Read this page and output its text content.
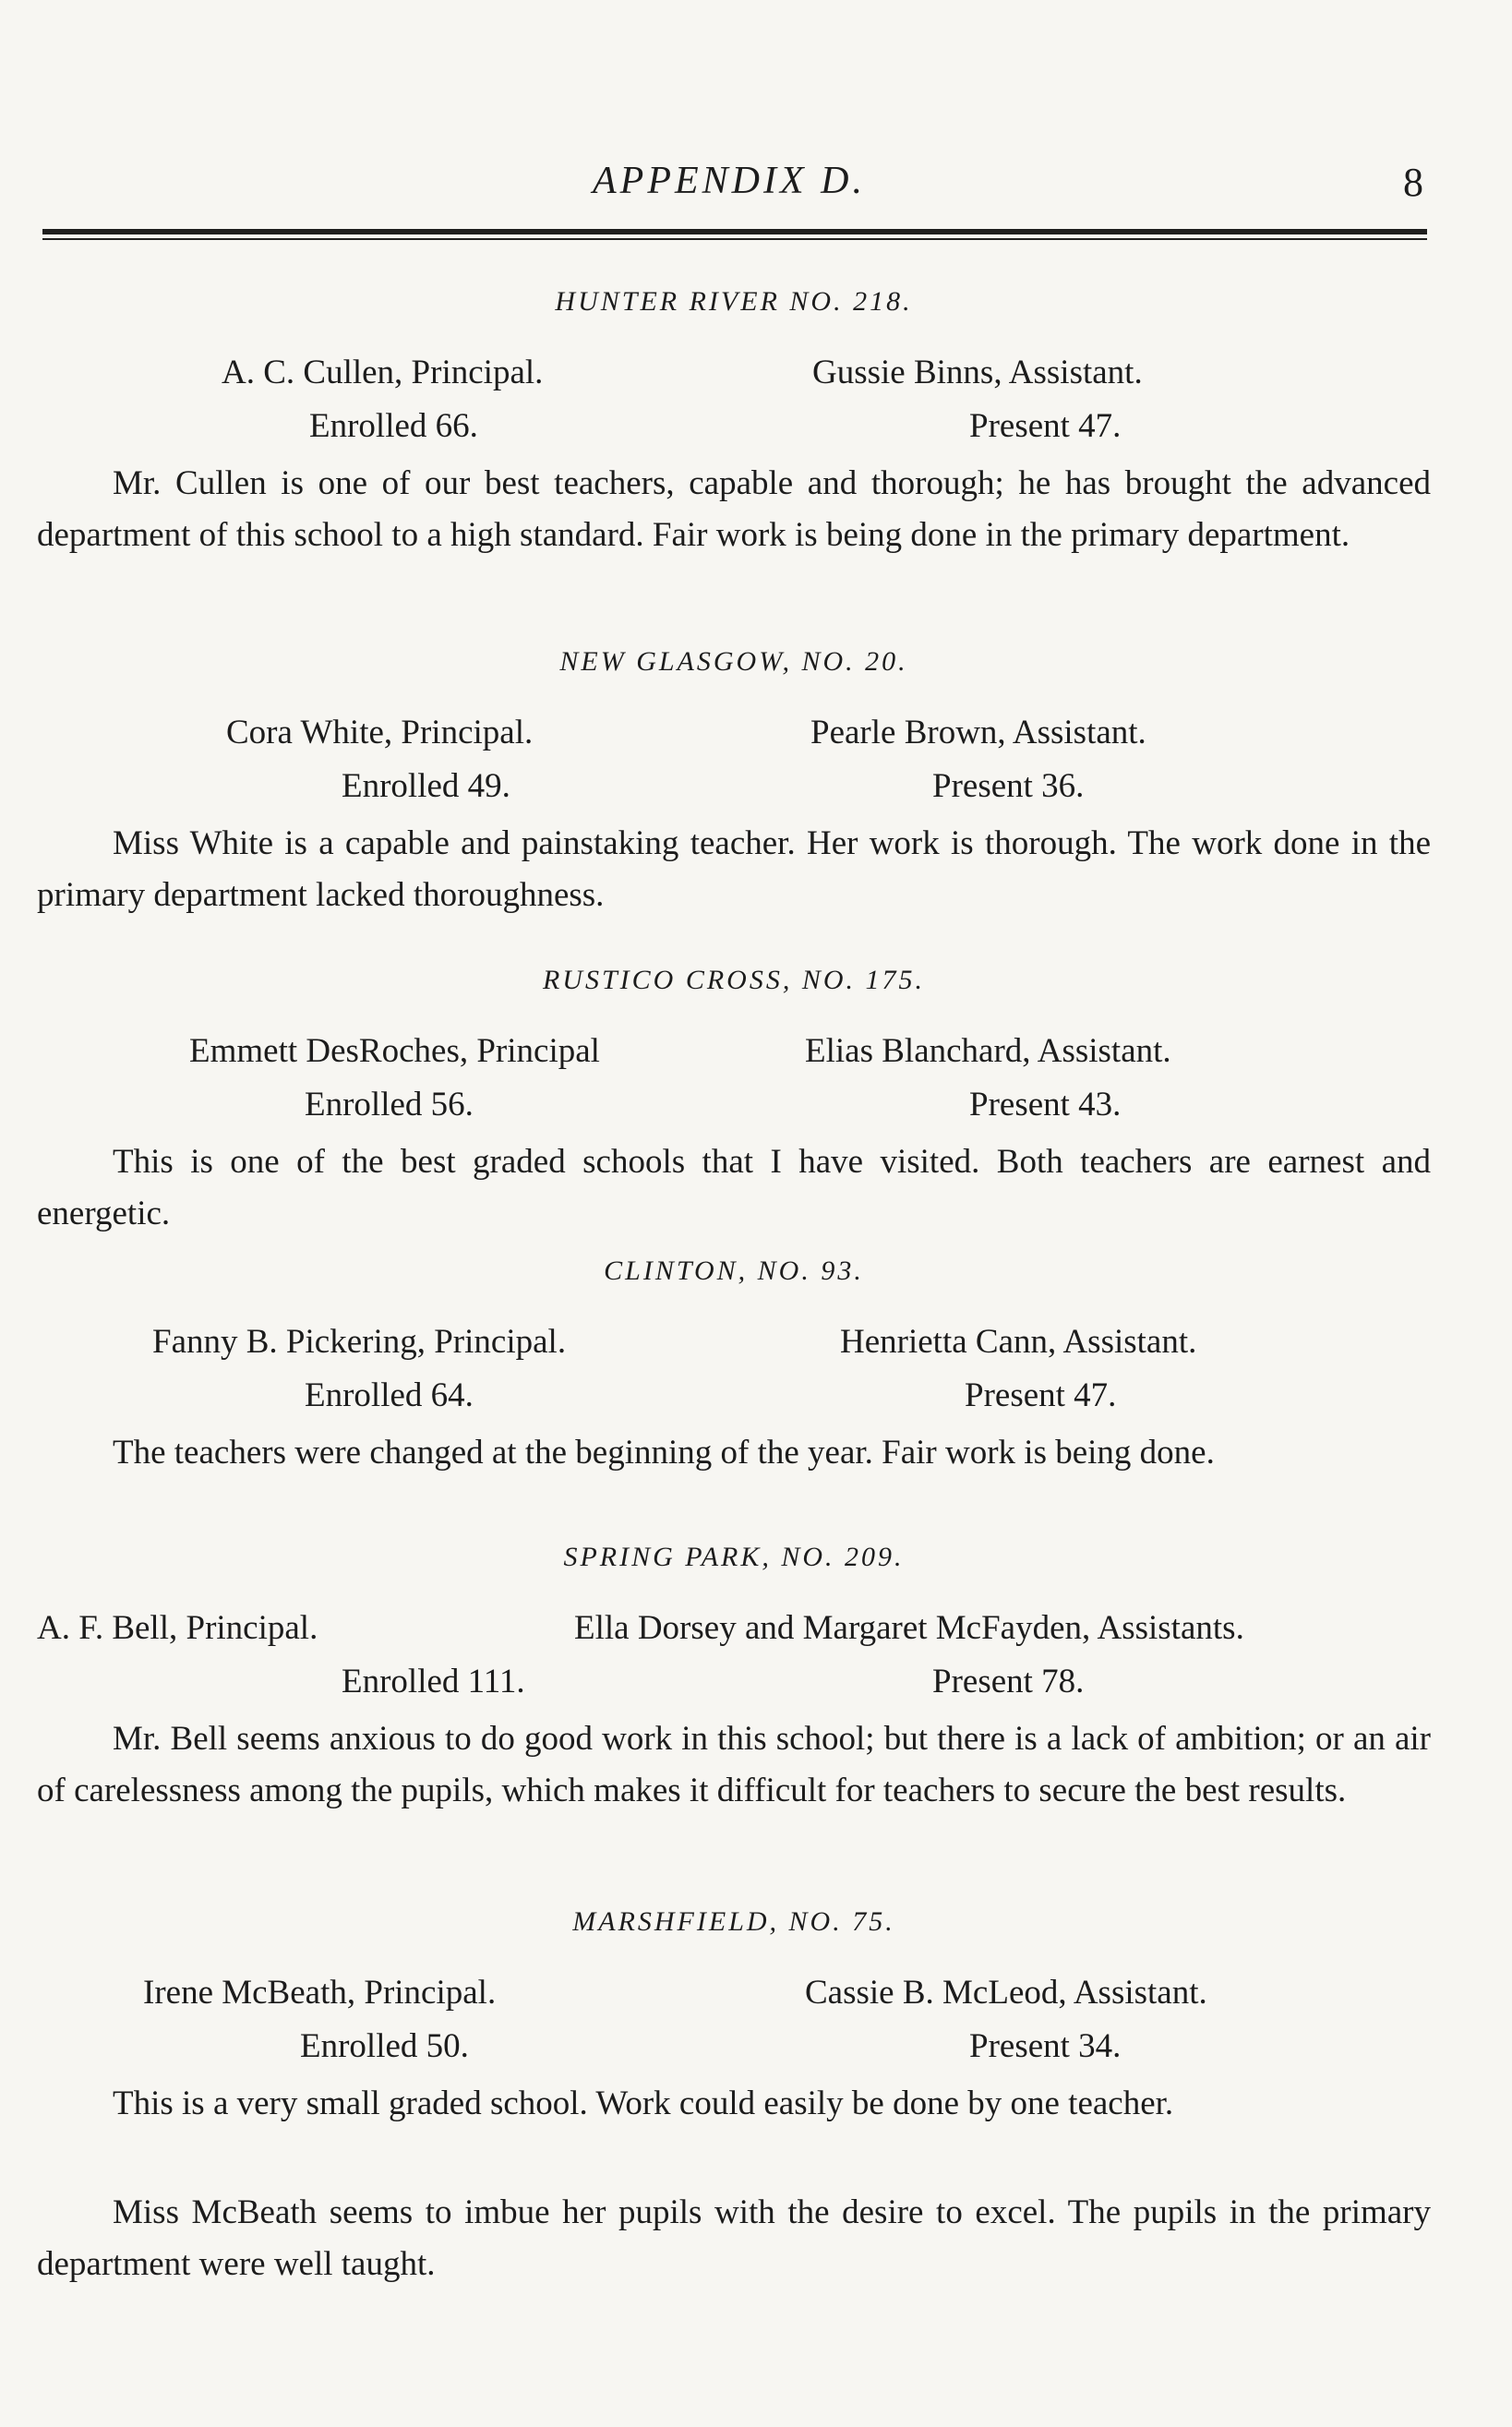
APPENDIX D.	8
HUNTER RIVER NO. 218.
A. C. Cullen, Principal.	Gussie Binns, Assistant.
Enrolled 66.	Present 47.
Mr. Cullen is one of our best teachers, capable and thorough; he has brought the advanced department of this school to a high standard. Fair work is being done in the primary department.
NEW GLASGOW, NO. 20.
Cora White, Principal.	Pearle Brown, Assistant.
Enrolled 49.	Present 36.
Miss White is a capable and painstaking teacher. Her work is thorough. The work done in the primary department lacked thoroughness.
RUSTICO CROSS, NO. 175.
Emmett DesRoches, Principal	Elias Blanchard, Assistant.
Enrolled 56.	Present 43.
This is one of the best graded schools that I have visited. Both teachers are earnest and energetic.
CLINTON, NO. 93.
Fanny B. Pickering, Principal.	Henrietta Cann, Assistant.
Enrolled 64.	Present 47.
The teachers were changed at the beginning of the year. Fair work is being done.
SPRING PARK, NO. 209.
A. F. Bell, Principal.	Ella Dorsey and Margaret McFayden, Assistants.
Enrolled 111.	Present 78.
Mr. Bell seems anxious to do good work in this school; but there is a lack of ambition; or an air of carelessness among the pupils, which makes it difficult for teachers to secure the best results.
MARSHFIELD, NO. 75.
Irene McBeath, Principal.	Cassie B. McLeod, Assistant.
Enrolled 50.	Present 34.
This is a very small graded school. Work could easily be done by one teacher.
Miss McBeath seems to imbue her pupils with the desire to excel. The pupils in the primary department were well taught.
